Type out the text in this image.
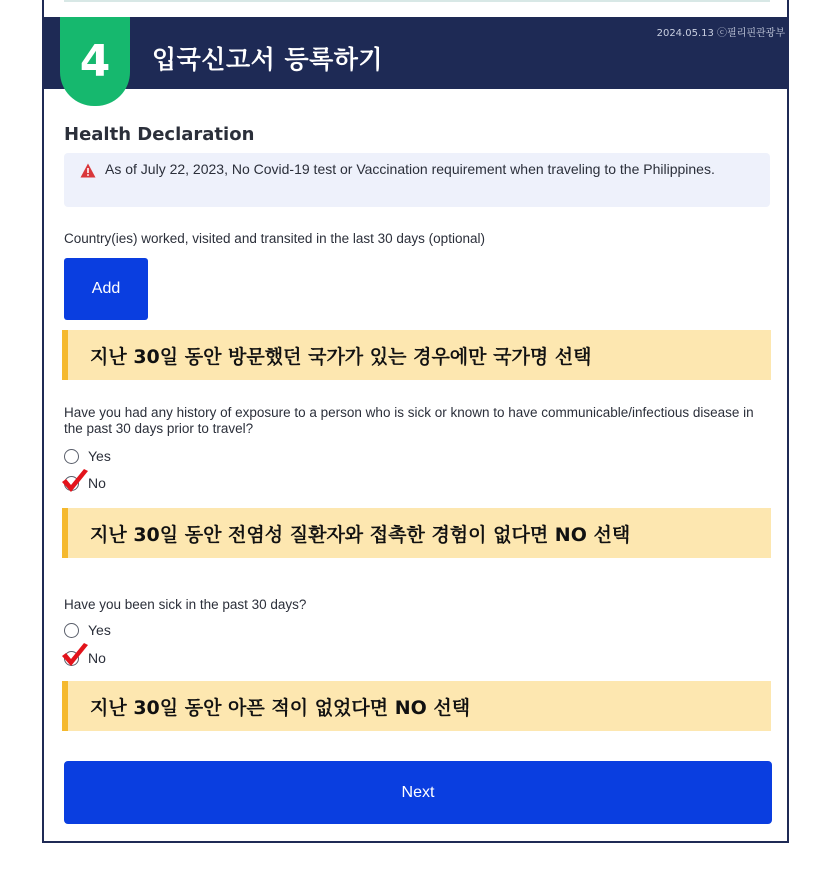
4	입국신고서 등록하기
2024.05.13 ⓒ필리핀관광부
Health Declaration
As of July 22, 2023, No Covid-19 test or Vaccination requirement when traveling to the Philippines.
Country(ies) worked, visited and transited in the last 30 days (optional)
Add
지난 30일 동안 방문했던 국가가 있는 경우에만 국가명 선택
Have you had any history of exposure to a person who is sick or known to have communicable/infectious disease in the past 30 days prior to travel?
Yes
No
지난 30일 동안 전염성 질환자와 접촉한 경험이 없다면 NO 선택
Have you been sick in the past 30 days?
Yes
No
지난 30일 동안 아픈 적이 없었다면 NO 선택
Next
